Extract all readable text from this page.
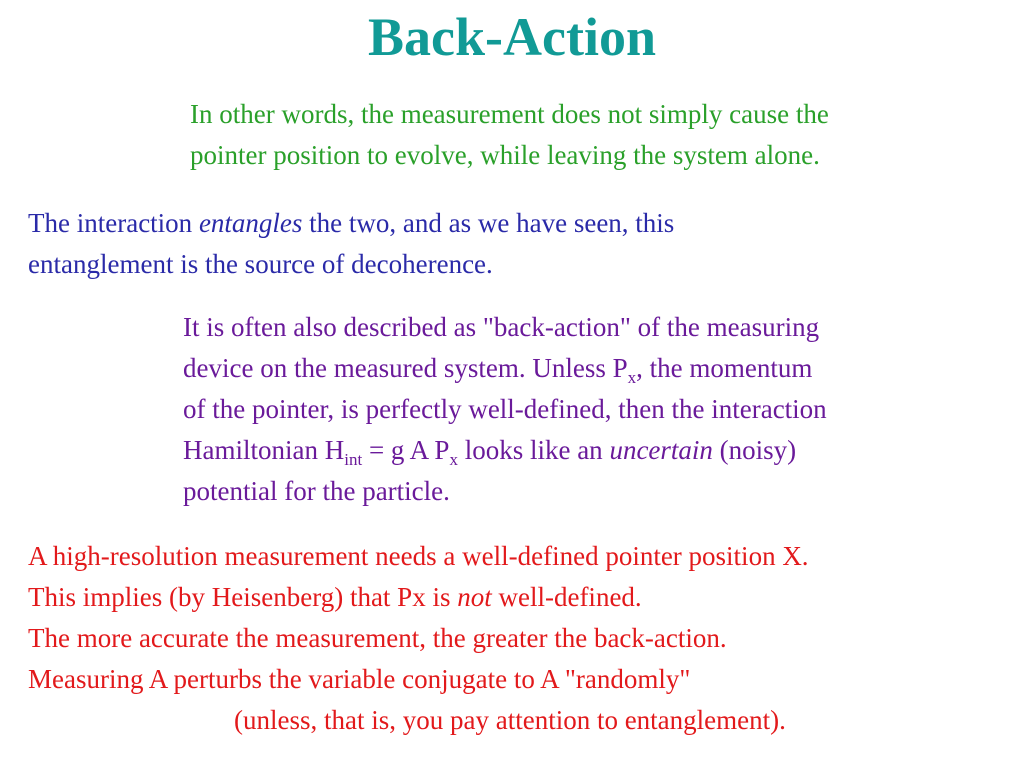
Back-Action
In other words, the measurement does not simply cause the
pointer position to evolve, while leaving the system alone.
The interaction entangles the two, and as we have seen, this
entanglement is the source of decoherence.
It is often also described as "back-action" of the measuring
device on the measured system. Unless $P_x$, the momentum
of the pointer, is perfectly well-defined, then the interaction
Hamiltonian $H_{int} = g$ A $P_x$ looks like an uncertain (noisy)
potential for the particle.
A high-resolution measurement needs a well-defined pointer position X.
This implies (by Heisenberg) that Px is not well-defined.
The more accurate the measurement, the greater the back-action.
Measuring A perturbs the variable conjugate to A "randomly"
(unless, that is, you pay attention to entanglement).
